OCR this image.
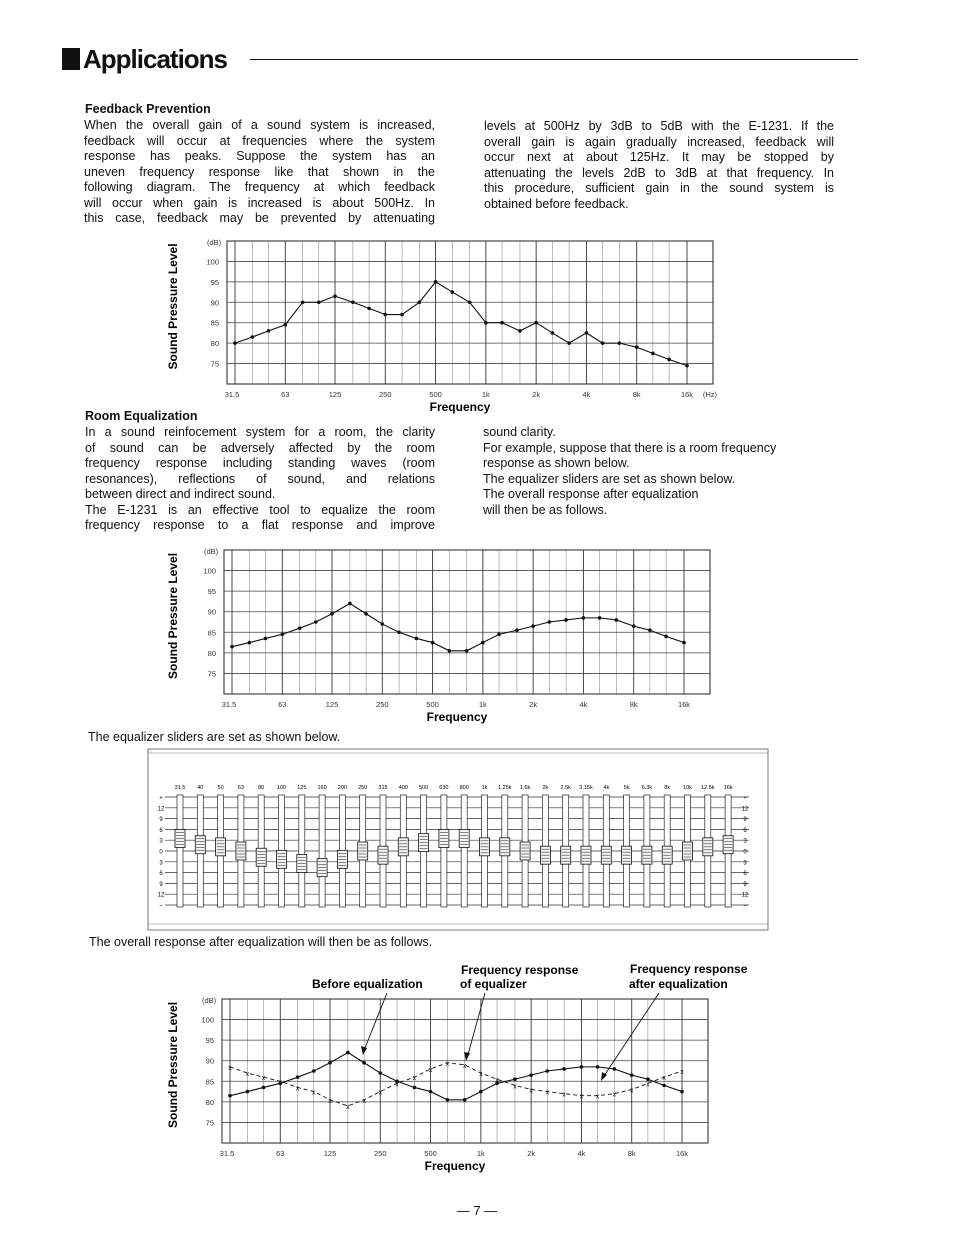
Applications
Feedback Prevention
When the overall gain of a sound system is increased,
feedback will occur at frequencies where the system
response has peaks. Suppose the system has an
uneven frequency response like that shown in the
following diagram. The frequency at which feedback
will occur when gain is increased is about 500Hz. In
this case, feedback may be prevented by attenuating
levels at 500Hz by 3dB to 5dB with the E-1231. If the
overall gain is again gradually increased, feedback will
occur next at about 125Hz. It may be stopped by
attenuating the levels 2dB to 3dB at that frequency. In
this procedure, sufficient gain in the sound system is
obtained before feedback.
100
95
90
85
80
75
(dB)
31.5	63	125	250	500	1k	2k	4k	8k	16k (Hz)
Frequency
Sound Pressure Level
Room Equalization
In a sound reinfocement system for a room, the clarity
of sound can be adversely affected by the room
frequency response including standing waves (room
resonances), reflections of sound, and relations
between direct and indirect sound.
The E-1231 is an effective tool to equalize the room
frequency response to a flat response and improve
sound clarity.
For example, suppose that there is a room frequency
response as shown below.
The equalizer sliders are set as shown below.
The overall response after equalization
will then be as follows.
100
95
90
85
80
75
(dB)
31.5	63	125	250	500	1k	2k	4k	8k	16k
Frequency
Sound Pressure Level
The equalizer sliders are set as shown below.
+
12
9
6
3
0
3
6
9
12
−
+
12
9
6
3
0
3
6
9
12
−
31.5 40	50	63	80 100 125 160 200 250 315 400 500 630 800 1k 1.25k 1.6k 2k 2.5k 3.15k 4k	5k 6.3k 8k 10k 12.5k 16k
The overall response after equalization will then be as follows.
100
95
90
85
80
75
(dB)
31.5	63	125	250	500	1k	2k	4k	8k	16k
Frequency
Sound Pressure Level	x
x
x
x
x
x
x
x
x
x
x
x
x
x x
x
x
x
x x x x x x
x
x
x
x
Before equalization
Frequency response
of equalizer
Frequency response
after equalization
— 7 —
